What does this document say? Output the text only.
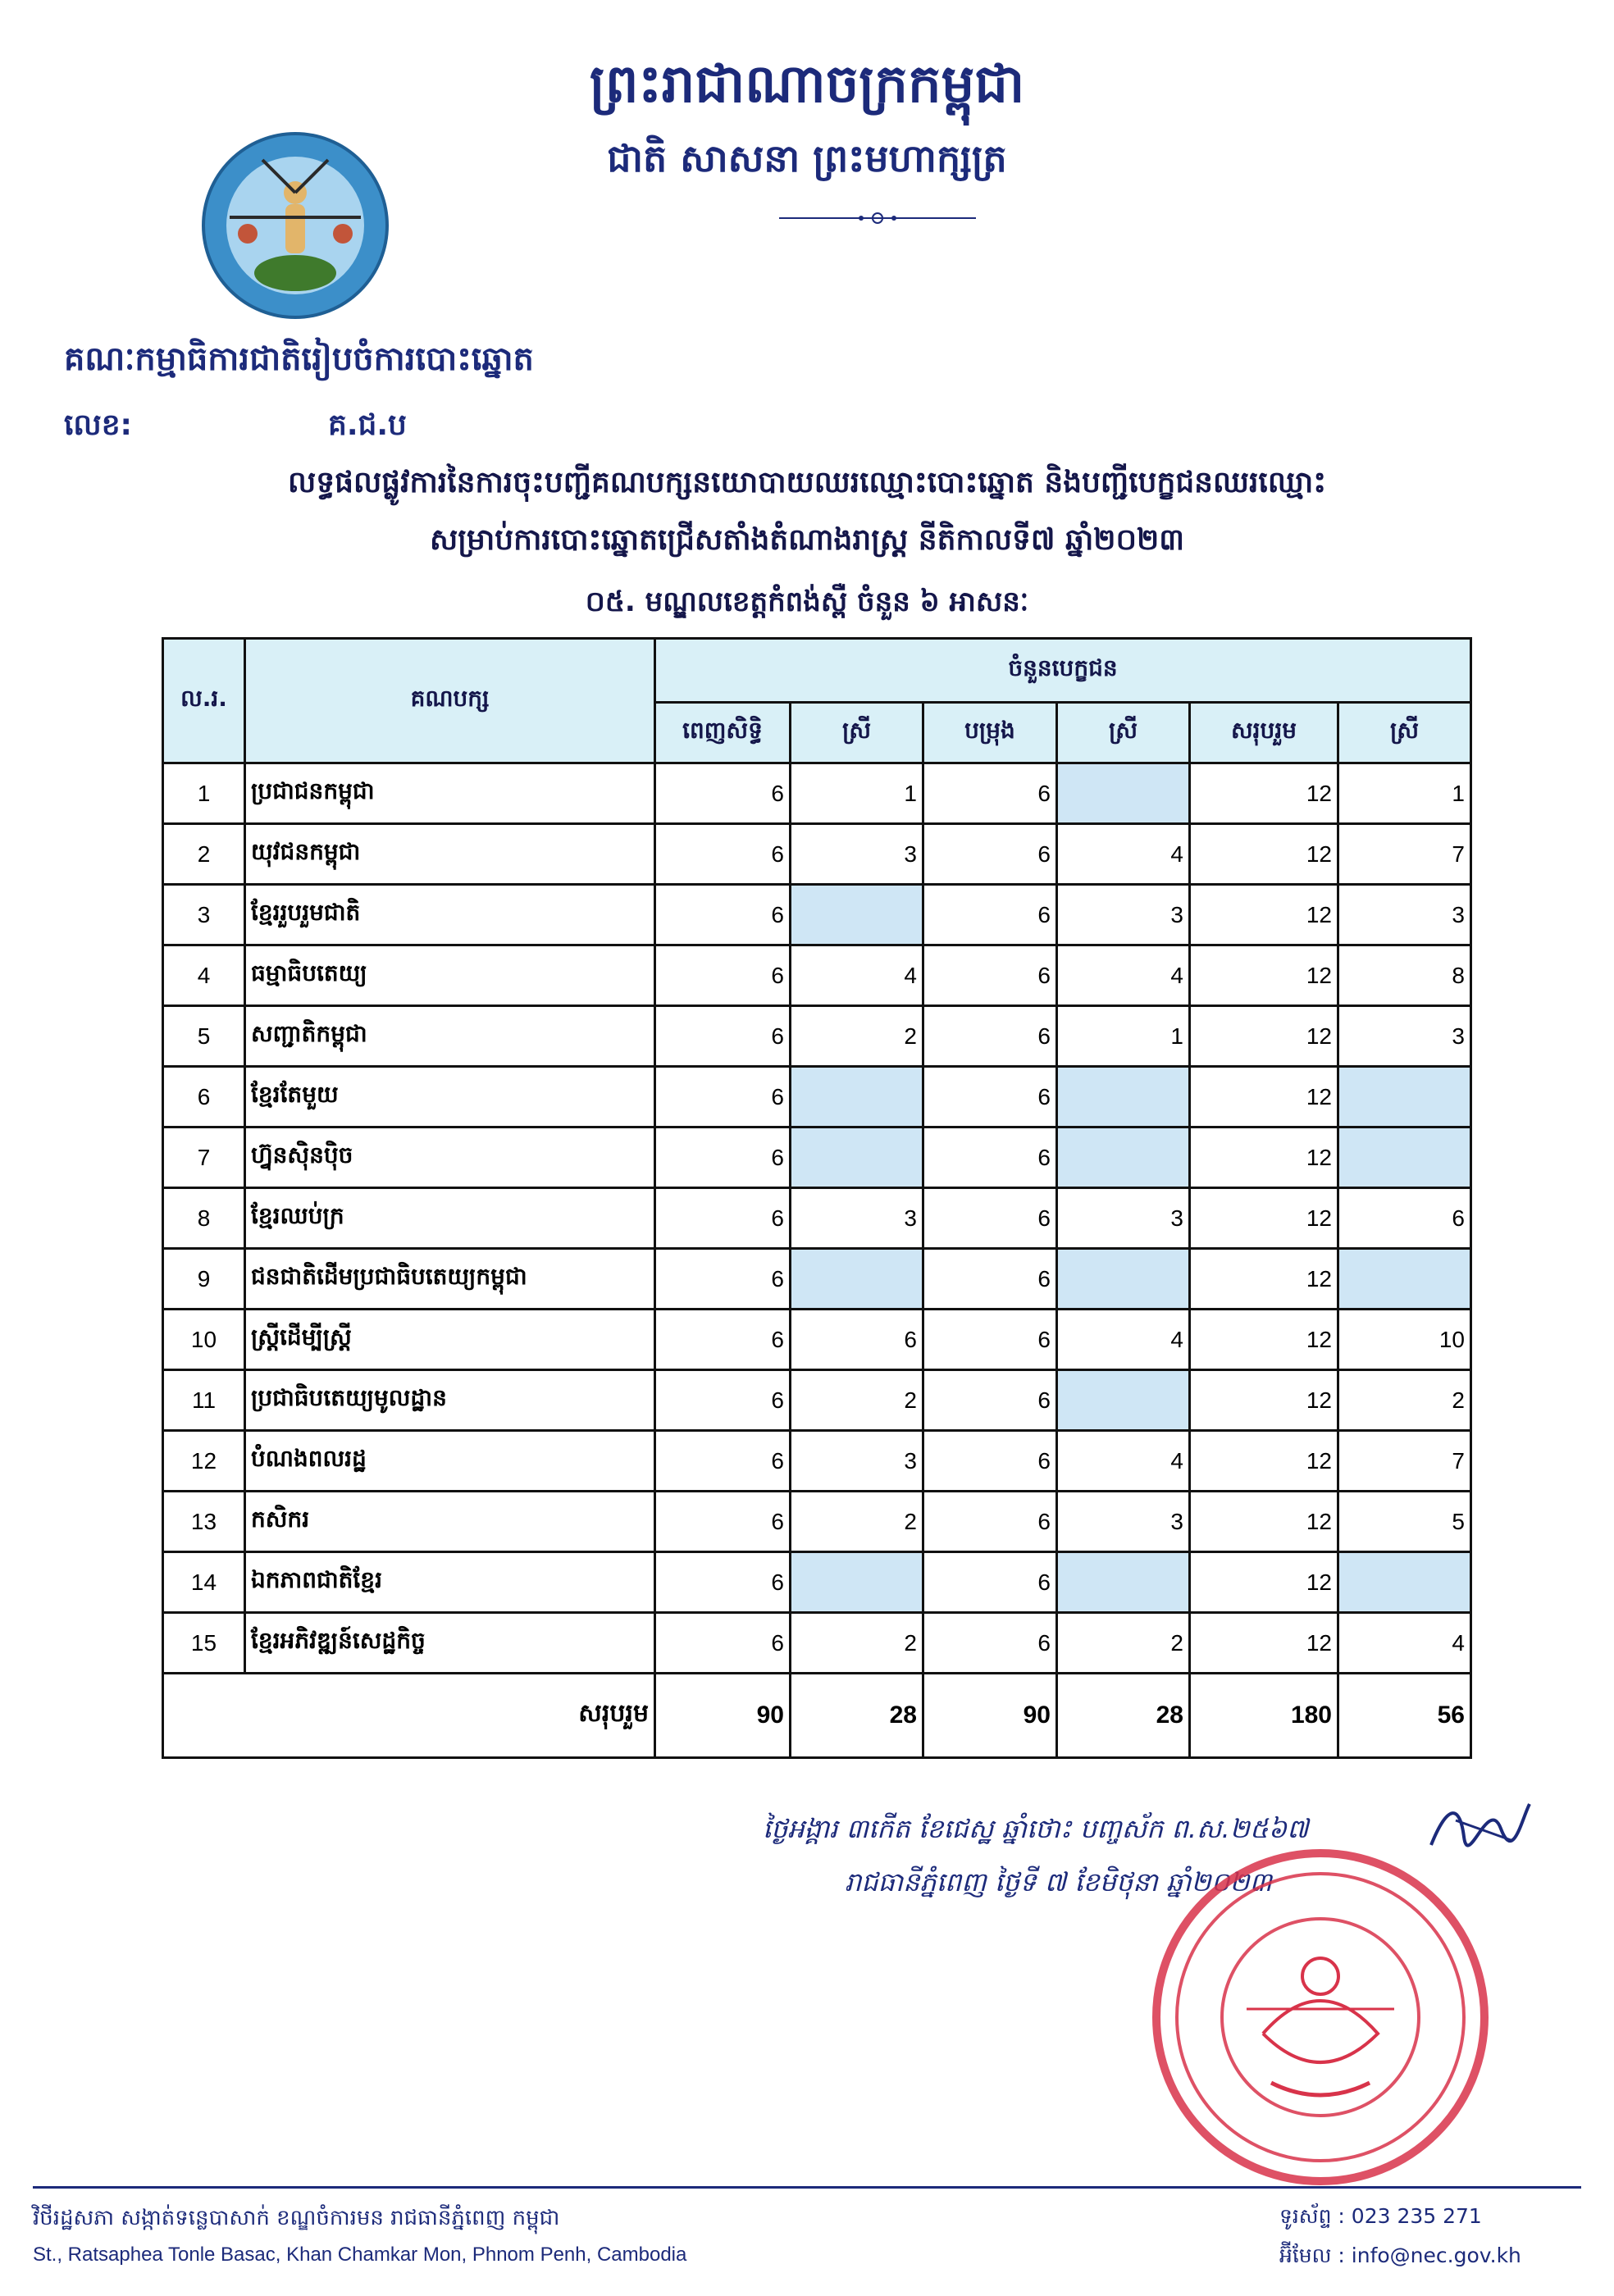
ព្រះរាជាណាចក្រកម្ពុជា
ជាតិ សាសនា ព្រះមហាក្សត្រ
គណៈកម្មាធិការជាតិរៀបចំការបោះឆ្នោត
លេខ:	គ.ជ.ប
លទ្ធផលផ្លូវការនៃការចុះបញ្ជីគណបក្សនយោបាយឈរឈ្មោះបោះឆ្នោត និងបញ្ជីបេក្ខជនឈរឈ្មោះ
សម្រាប់ការបោះឆ្នោតជ្រើសតាំងតំណាងរាស្ត្រ នីតិកាលទី៧ ឆ្នាំ២០២៣
០៥. មណ្ឌលខេត្តកំពង់ស្ពឺ ចំនួន ៦ អាសនៈ
ល.រ.	គណបក្ស	ចំនួនបេក្ខជន					
		ពេញសិទ្ធិ	ស្រី	បម្រុង	ស្រី	សរុបរួម	ស្រី
1	ប្រជាជនកម្ពុជា	6	1	6		12	1
2	យុវជនកម្ពុជា	6	3	6	4	12	7
3	ខ្មែររួបរួមជាតិ	6		6	3	12	3
4	ធម្មាធិបតេយ្យ	6	4	6	4	12	8
5	សញ្ជាតិកម្ពុជា	6	2	6	1	12	3
6	ខ្មែរតែមួយ	6		6		12	
7	ហ្វ៊ុនស៊ិនប៉ិច	6		6		12	
8	ខ្មែរឈប់ក្រ	6	3	6	3	12	6
9	ជនជាតិដើមប្រជាធិបតេយ្យកម្ពុជា	6		6		12	
10	ស្ត្រីដើម្បីស្ត្រី	6	6	6	4	12	10
11	ប្រជាធិបតេយ្យមូលដ្ឋាន	6	2	6		12	2
12	បំណងពលរដ្ឋ	6	3	6	4	12	7
13	កសិករ	6	2	6	3	12	5
14	ឯកភាពជាតិខ្មែរ	6		6		12	
15	ខ្មែរអភិវឌ្ឍន៍សេដ្ឋកិច្ច	6	2	6	2	12	4
សរុបរួម		90	28	90	28	180	56
ថ្ងៃអង្គារ ៣កេីត ខែជេស្ឋ ឆ្នាំថោះ បញ្ចស័ក ព.ស.២៥៦៧
រាជធានីភ្នំពេញ ថ្ងៃទី ៧ ខែមិថុនា ឆ្នាំ២០២៣
វិថីរដ្ឋសភា សង្កាត់ទន្លេបាសាក់ ខណ្ឌចំការមន រាជធានីភ្នំពេញ កម្ពុជា
St., Ratsaphea Tonle Basac, Khan Chamkar Mon, Phnom Penh, Cambodia
ទូរស័ព្ទ : 023 235 271
អ៊ីមែល : info@nec.gov.kh
